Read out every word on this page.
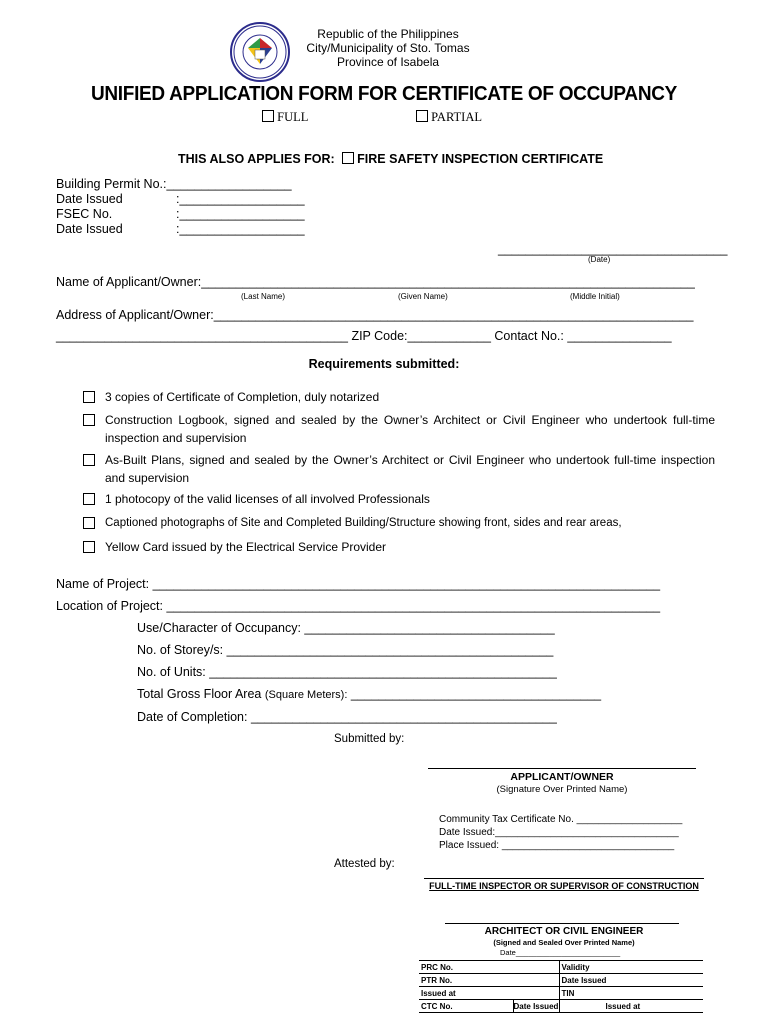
Republic of the Philippines
City/Municipality of Sto. Tomas
Province of Isabela
UNIFIED APPLICATION FORM FOR CERTIFICATE OF OCCUPANCY
FULL	PARTIAL
THIS ALSO APPLIES FOR: FIRE SAFETY INSPECTION CERTIFICATE
Building Permit No.:__________________
Date Issued	:__________________
FSEC No.	:__________________
Date Issued	:__________________
_________________________________
(Date)
Name of Applicant/Owner:_______________________________________________________________________
(Last Name)	(Given Name)	(Middle Initial)
Address of Applicant/Owner:_____________________________________________________________________
__________________________________________ ZIP Code:____________ Contact No.: _______________
Requirements submitted:
3 copies of Certificate of Completion, duly notarized
Construction Logbook, signed and sealed by the Owner’s Architect or Civil Engineer who undertook full-time inspection and supervision
As-Built Plans, signed and sealed by the Owner’s Architect or Civil Engineer who undertook full-time inspection and supervision
1 photocopy of the valid licenses of all involved Professionals
Captioned photographs of Site and Completed Building/Structure showing front, sides and rear areas,
Yellow Card issued by the Electrical Service Provider
Name of Project: _________________________________________________________________________
Location of Project: _______________________________________________________________________
Use/Character of Occupancy: ____________________________________
No. of Storey/s: _______________________________________________
No. of Units: __________________________________________________
Total Gross Floor Area (Square Meters): ____________________________________
Date of Completion: ____________________________________________
Submitted by:
APPLICANT/OWNER
(Signature Over Printed Name)
Community Tax Certificate No. ___________________
Date Issued:_________________________________
Place Issued: _______________________________
Attested by:
FULL-TIME INSPECTOR OR SUPERVISOR OF CONSTRUCTION
ARCHITECT OR CIVIL ENGINEER
(Signed and Sealed Over Printed Name)
Date_________________________
PRC No.		Validity
PTR No.		Date Issued
Issued at		TIN
CTC No.	Date Issued	Issued at
